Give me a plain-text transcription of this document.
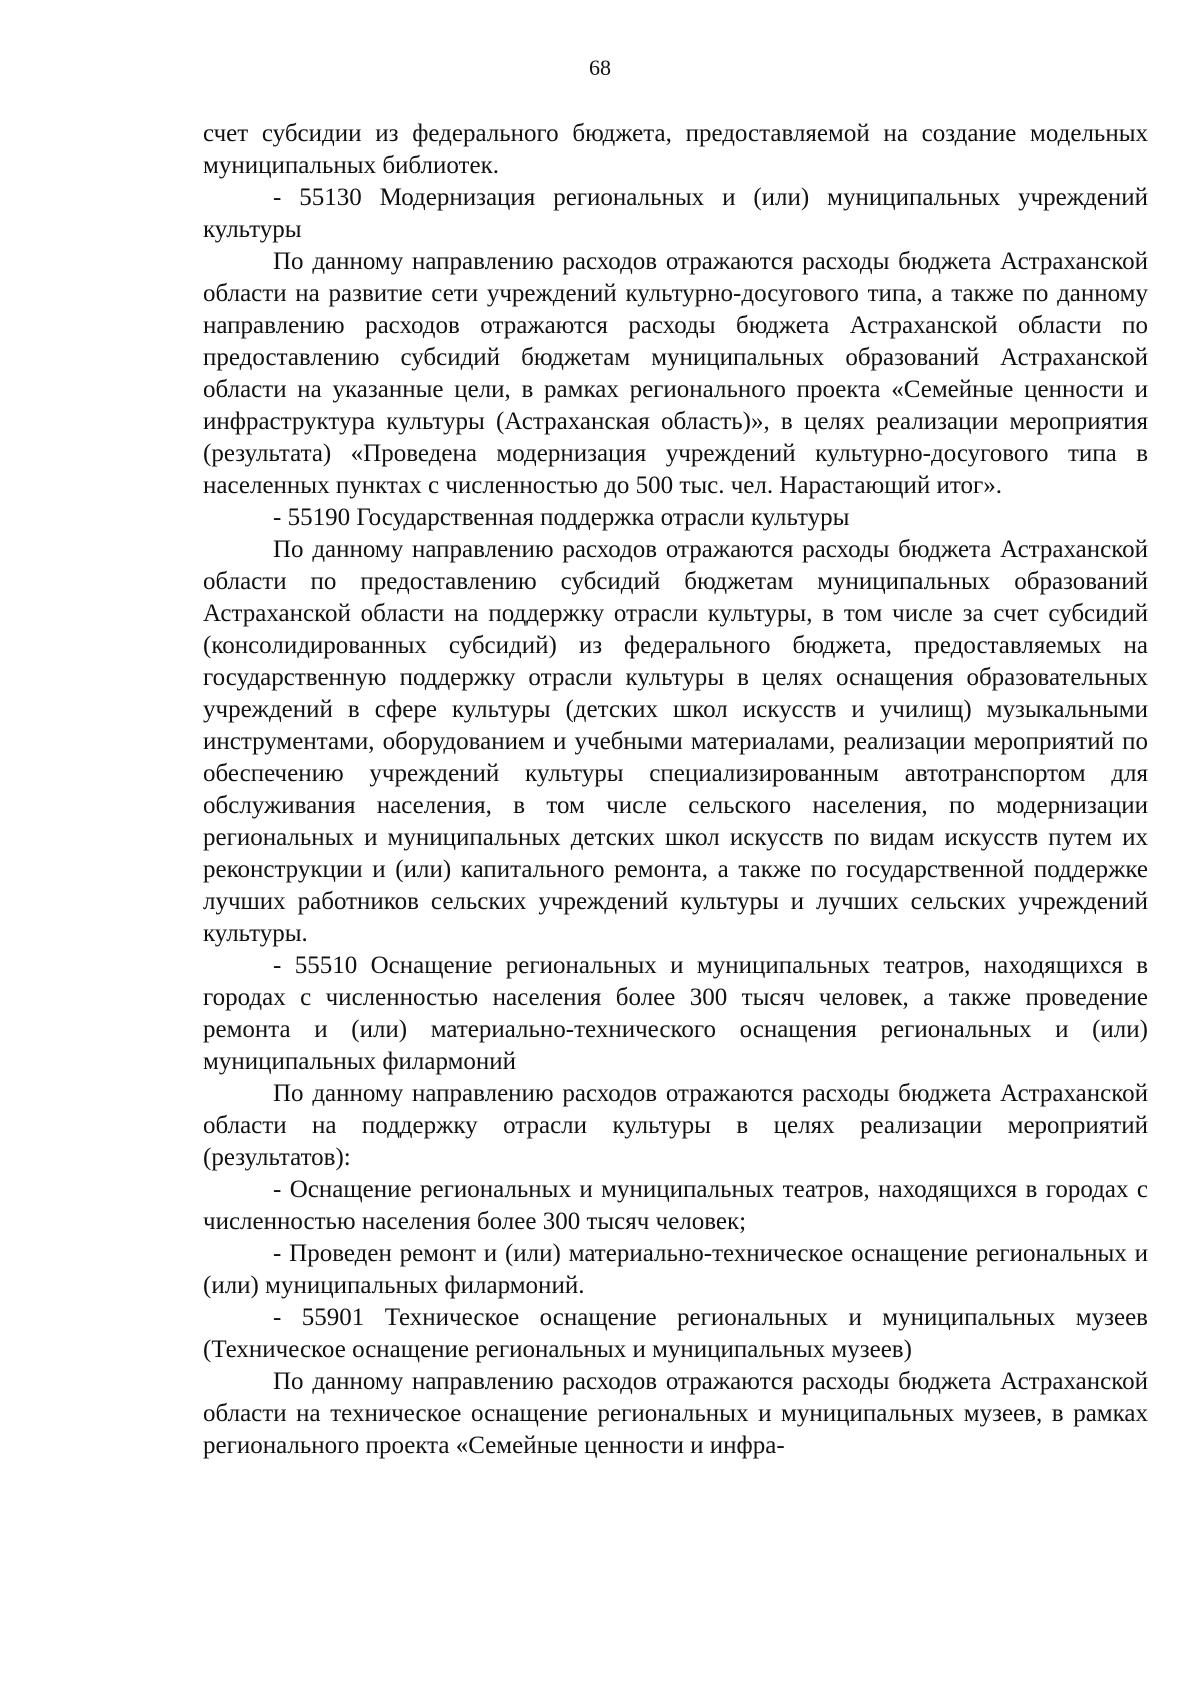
68

счет субсидии из федерального бюджета, предоставляемой на создание модельных муниципальных библиотек.

- 55130 Модернизация региональных и (или) муниципальных учреждений культуры

По данному направлению расходов отражаются расходы бюджета Астраханской области на развитие сети учреждений культурно-досугового типа, а также по данному направлению расходов отражаются расходы бюджета Астраханской области по предоставлению субсидий бюджетам муниципальных образований Астраханской области на указанные цели, в рамках регионального проекта «Семейные ценности и инфраструктура культуры (Астраханская область)», в целях реализации мероприятия (результата) «Проведена модернизация учреждений культурно-досугового типа в населенных пунктах с численностью до 500 тыс. чел. Нарастающий итог».

- 55190 Государственная поддержка отрасли культуры

По данному направлению расходов отражаются расходы бюджета Астраханской области по предоставлению субсидий бюджетам муниципальных образований Астраханской области на поддержку отрасли культуры, в том числе за счет субсидий (консолидированных субсидий) из федерального бюджета, предоставляемых на государственную поддержку отрасли культуры в целях оснащения образовательных учреждений в сфере культуры (детских школ искусств и училищ) музыкальными инструментами, оборудованием и учебными материалами, реализации мероприятий по обеспечению учреждений культуры специализированным автотранспортом для обслуживания населения, в том числе сельского населения, по модернизации региональных и муниципальных детских школ искусств по видам искусств путем их реконструкции и (или) капитального ремонта, а также по государственной поддержке лучших работников сельских учреждений культуры и лучших сельских учреждений культуры.

- 55510 Оснащение региональных и муниципальных театров, находящихся в городах с численностью населения более 300 тысяч человек, а также проведение ремонта и (или) материально-технического оснащения региональных и (или) муниципальных филармоний

По данному направлению расходов отражаются расходы бюджета Астраханской области на поддержку отрасли культуры в целях реализации мероприятий (результатов):

- Оснащение региональных и муниципальных театров, находящихся в городах с численностью населения более 300 тысяч человек;

- Проведен ремонт и (или) материально-техническое оснащение региональных и (или) муниципальных филармоний.

- 55901 Техническое оснащение региональных и муниципальных музеев (Техническое оснащение региональных и муниципальных музеев)

По данному направлению расходов отражаются расходы бюджета Астраханской области на техническое оснащение региональных и муниципальных музеев, в рамках регионального проекта «Семейные ценности и инфра-
